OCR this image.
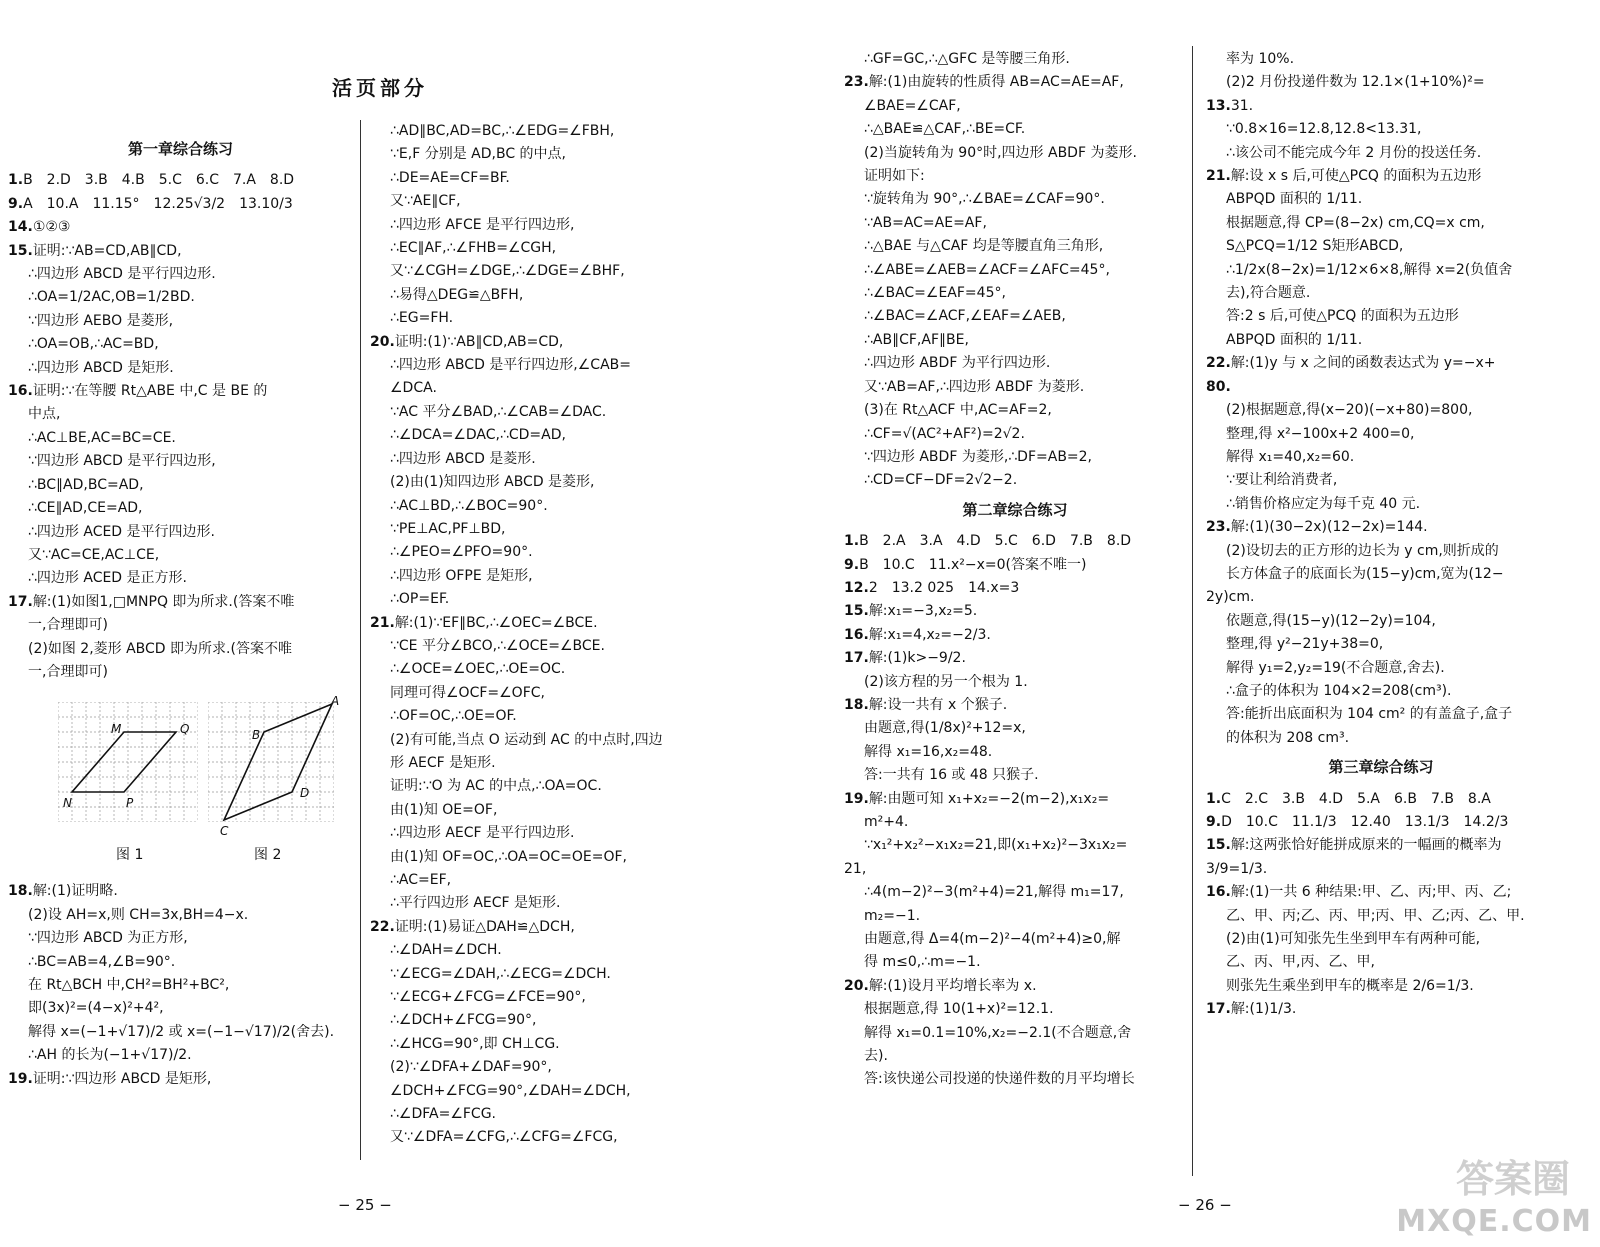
活页部分
第一章综合练习
1.B　2.D　3.B　4.B　5.C　6.C　7.A　8.D
9.A　10.A　11.15°　12.25√3/2　13.10/3
14.①②③
15.证明:∵AB=CD,AB∥CD,
∴四边形 ABCD 是平行四边形.
∴OA=1/2AC,OB=1/2BD.
∵四边形 AEBO 是菱形,
∴OA=OB,∴AC=BD,
∴四边形 ABCD 是矩形.
16.证明:∵在等腰 Rt△ABE 中,C 是 BE 的
中点,
∴AC⊥BE,AC=BC=CE.
∵四边形 ABCD 是平行四边形,
∴BC∥AD,BC=AD,
∴CE∥AD,CE=AD,
∴四边形 ACED 是平行四边形.
又∵AC=CE,AC⊥CE,
∴四边形 ACED 是正方形.
17.解:(1)如图1,□MNPQ 即为所求.(答案不唯
一,合理即可)
(2)如图 2,菱形 ABCD 即为所求.(答案不唯
一,合理即可)
M	Q
N	P
A
B
C
D
图 1	图 2
18.解:(1)证明略.
(2)设 AH=x,则 CH=3x,BH=4−x.
∵四边形 ABCD 为正方形,
∴BC=AB=4,∠B=90°.
在 Rt△BCH 中,CH²=BH²+BC²,
即(3x)²=(4−x)²+4²,
解得 x=(−1+√17)/2 或 x=(−1−√17)/2(舍去).
∴AH 的长为(−1+√17)/2.
19.证明:∵四边形 ABCD 是矩形,
∴AD∥BC,AD=BC,∴∠EDG=∠FBH,
∵E,F 分别是 AD,BC 的中点,
∴DE=AE=CF=BF.
又∵AE∥CF,
∴四边形 AFCE 是平行四边形,
∴EC∥AF,∴∠FHB=∠CGH,
又∵∠CGH=∠DGE,∴∠DGE=∠BHF,
∴易得△DEG≌△BFH,
∴EG=FH.
20.证明:(1)∵AB∥CD,AB=CD,
∴四边形 ABCD 是平行四边形,∠CAB=
∠DCA.
∵AC 平分∠BAD,∴∠CAB=∠DAC.
∴∠DCA=∠DAC,∴CD=AD,
∴四边形 ABCD 是菱形.
(2)由(1)知四边形 ABCD 是菱形,
∴AC⊥BD,∴∠BOC=90°.
∵PE⊥AC,PF⊥BD,
∴∠PEO=∠PFO=90°.
∴四边形 OFPE 是矩形,
∴OP=EF.
21.解:(1)∵EF∥BC,∴∠OEC=∠BCE.
∵CE 平分∠BCO,∴∠OCE=∠BCE.
∴∠OCE=∠OEC,∴OE=OC.
同理可得∠OCF=∠OFC,
∴OF=OC,∴OE=OF.
(2)有可能,当点 O 运动到 AC 的中点时,四边
形 AECF 是矩形.
证明:∵O 为 AC 的中点,∴OA=OC.
由(1)知 OE=OF,
∴四边形 AECF 是平行四边形.
由(1)知 OF=OC,∴OA=OC=OE=OF,
∴AC=EF,
∴平行四边形 AECF 是矩形.
22.证明:(1)易证△DAH≌△DCH,
∴∠DAH=∠DCH.
∵∠ECG=∠DAH,∴∠ECG=∠DCH.
∵∠ECG+∠FCG=∠FCE=90°,
∴∠DCH+∠FCG=90°,
∴∠HCG=90°,即 CH⊥CG.
(2)∵∠DFA+∠DAF=90°,
∠DCH+∠FCG=90°,∠DAH=∠DCH,
∴∠DFA=∠FCG.
又∵∠DFA=∠CFG,∴∠CFG=∠FCG,
∴GF=GC,∴△GFC 是等腰三角形.
23.解:(1)由旋转的性质得 AB=AC=AE=AF,
∠BAE=∠CAF,
∴△BAE≌△CAF,∴BE=CF.
(2)当旋转角为 90°时,四边形 ABDF 为菱形.
证明如下:
∵旋转角为 90°,∴∠BAE=∠CAF=90°.
∵AB=AC=AE=AF,
∴△BAE 与△CAF 均是等腰直角三角形,
∴∠ABE=∠AEB=∠ACF=∠AFC=45°,
∴∠BAC=∠EAF=45°,
∴∠BAC=∠ACF,∠EAF=∠AEB,
∴AB∥CF,AF∥BE,
∴四边形 ABDF 为平行四边形.
又∵AB=AF,∴四边形 ABDF 为菱形.
(3)在 Rt△ACF 中,AC=AF=2,
∴CF=√(AC²+AF²)=2√2.
∵四边形 ABDF 为菱形,∴DF=AB=2,
∴CD=CF−DF=2√2−2.
第二章综合练习
1.B　2.A　3.A　4.D　5.C　6.D　7.B　8.D
9.B　10.C　11.x²−x=0(答案不唯一)
12.2　13.2 025　14.x=3
15.解:x₁=−3,x₂=5.
16.解:x₁=4,x₂=−2/3.
17.解:(1)k>−9/2.
(2)该方程的另一个根为 1.
18.解:设一共有 x 个猴子.
由题意,得(1/8x)²+12=x,
解得 x₁=16,x₂=48.
答:一共有 16 或 48 只猴子.
19.解:由题可知 x₁+x₂=−2(m−2),x₁x₂=
m²+4.
∵x₁²+x₂²−x₁x₂=21,即(x₁+x₂)²−3x₁x₂=
21,
∴4(m−2)²−3(m²+4)=21,解得 m₁=17,
m₂=−1.
由题意,得 Δ=4(m−2)²−4(m²+4)≥0,解
得 m≤0,∴m=−1.
20.解:(1)设月平均增长率为 x.
根据题意,得 10(1+x)²=12.1.
解得 x₁=0.1=10%,x₂=−2.1(不合题意,舍
去).
答:该快递公司投递的快递件数的月平均增长
率为 10%.
(2)2 月份投递件数为 12.1×(1+10%)²=
13.31.
∵0.8×16=12.8,12.8<13.31,
∴该公司不能完成今年 2 月份的投送任务.
21.解:设 x s 后,可使△PCQ 的面积为五边形
ABPQD 面积的 1/11.
根据题意,得 CP=(8−2x) cm,CQ=x cm,
S△PCQ=1/12 S矩形ABCD,
∴1/2x(8−2x)=1/12×6×8,解得 x=2(负值舍
去),符合题意.
答:2 s 后,可使△PCQ 的面积为五边形
ABPQD 面积的 1/11.
22.解:(1)y 与 x 之间的函数表达式为 y=−x+
80.
(2)根据题意,得(x−20)(−x+80)=800,
整理,得 x²−100x+2 400=0,
解得 x₁=40,x₂=60.
∵要让利给消费者,
∴销售价格应定为每千克 40 元.
23.解:(1)(30−2x)(12−2x)=144.
(2)设切去的正方形的边长为 y cm,则折成的
长方体盒子的底面长为(15−y)cm,宽为(12−
2y)cm.
依题意,得(15−y)(12−2y)=104,
整理,得 y²−21y+38=0,
解得 y₁=2,y₂=19(不合题意,舍去).
∴盒子的体积为 104×2=208(cm³).
答:能折出底面积为 104 cm² 的有盖盒子,盒子
的体积为 208 cm³.
第三章综合练习
1.C　2.C　3.B　4.D　5.A　6.B　7.B　8.A
9.D　10.C　11.1/3　12.40　13.1/3　14.2/3
15.解:这两张恰好能拼成原来的一幅画的概率为
3/9=1/3.
16.解:(1)一共 6 种结果:甲、乙、丙;甲、丙、乙;
乙、甲、丙;乙、丙、甲;丙、甲、乙;丙、乙、甲.
(2)由(1)可知张先生坐到甲车有两种可能,
乙、丙、甲,丙、乙、甲,
则张先生乘坐到甲车的概率是 2/6=1/3.
17.解:(1)1/3.
− 25 −	− 26 −
答案圈
MXQE.COM
